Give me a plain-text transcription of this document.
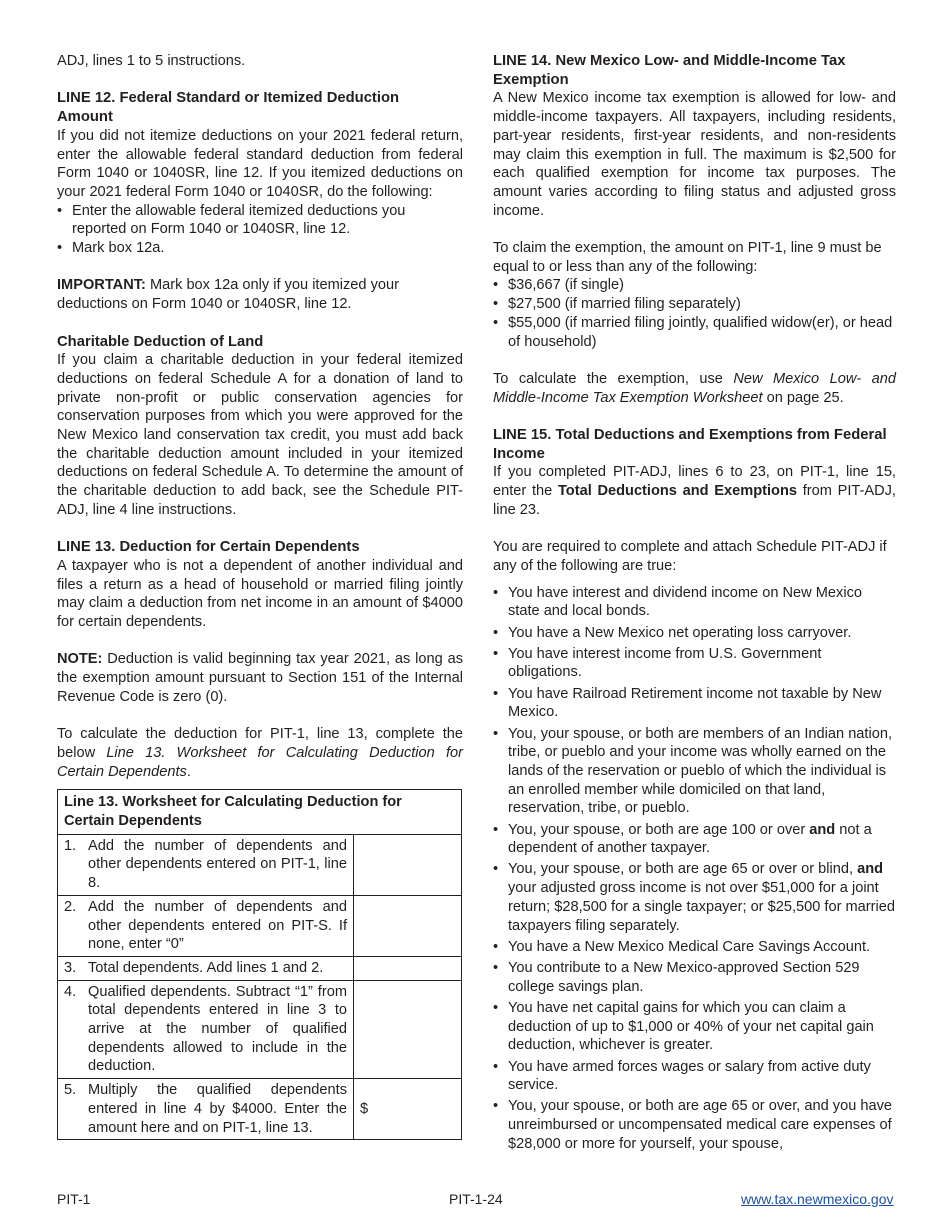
ADJ, lines 1 to 5 instructions.

LINE 12. Federal Standard or Itemized Deduction

Amount

If you did not itemize deductions on your 2021 federal return, enter the allowable federal standard deduction from federal Form 1040 or 1040SR, line 12. If you itemized deductions on your 2021 federal Form 1040 or 1040SR, do the following:

• Enter the allowable federal itemized deductions you reported on Form 1040 or 1040SR, line 12.
• Mark box 12a.

IMPORTANT: Mark box 12a only if you itemized your deductions on Form 1040 or 1040SR, line 12.

Charitable Deduction of Land

If you claim a charitable deduction in your federal itemized deductions on federal Schedule A for a donation of land to private non-profit or public conservation agencies for conservation purposes from which you were approved for the New Mexico land conservation tax credit, you must add back the charitable deduction amount included in your itemized deductions on federal Schedule A. To determine the amount of the charitable deduction to add back, see the Schedule PIT-ADJ, line 4 line instructions.

LINE 13. Deduction for Certain Dependents

A taxpayer who is not a dependent of another individual and files a return as a head of household or married filing jointly may claim a deduction from net income in an amount of $4000 for certain dependents.

NOTE: Deduction is valid beginning tax year 2021, as long as the exemption amount pursuant to Section 151 of the Internal Revenue Code is zero (0).

To calculate the deduction for PIT-1, line 13, complete the below Line 13. Worksheet for Calculating Deduction for Certain Dependents.

Line 13. Worksheet for Calculating Deduction for Certain Dependents		
1.	Add the number of dependents and other dependents entered on PIT-1, line 8.	
2.	Add the number of dependents and other dependents entered on PIT-S. If none, enter “0”	
3.	Total dependents. Add lines 1 and 2.	
4.	Qualified dependents. Subtract “1” from total dependents entered in line 3 to arrive at the number of qualified dependents allowed to include in the deduction.	
5.	Multiply the qualified dependents entered in line 4 by $4000. Enter the amount here and on PIT-1, line 13.	$

LINE 14. New Mexico Low- and Middle-Income Tax Exemption

A New Mexico income tax exemption is allowed for low- and middle-income taxpayers. All taxpayers, including residents, part-year residents, first-year residents, and non-residents may claim this exemption in full. The maximum is $2,500 for each qualified exemption for income tax purposes. The amount varies according to filing status and adjusted gross income.

To claim the exemption, the amount on PIT-1, line 9 must be equal to or less than any of the following:

• $36,667 (if single)
• $27,500 (if married filing separately)
• $55,000 (if married filing jointly, qualified widow(er), or head of household)

To calculate the exemption, use New Mexico Low- and Middle-Income Tax Exemption Worksheet on page 25.

LINE 15. Total Deductions and Exemptions from Federal Income

If you completed PIT-ADJ, lines 6 to 23, on PIT-1, line 15, enter the Total Deductions and Exemptions from PIT-ADJ, line 23.

You are required to complete and attach Schedule PIT-ADJ if any of the following are true:

• You have interest and dividend income on New Mexico state and local bonds.
• You have a New Mexico net operating loss carryover.
• You have interest income from U.S. Government obligations.
• You have Railroad Retirement income not taxable by New Mexico.
• You, your spouse, or both are members of an Indian nation, tribe, or pueblo and your income was wholly earned on the lands of the reservation or pueblo of which the individual is an enrolled member while domiciled on that land, reservation, tribe, or pueblo.
• You, your spouse, or both are age 100 or over and not a dependent of another taxpayer.
• You, your spouse, or both are age 65 or over or blind, and your adjusted gross income is not over $51,000 for a joint return; $28,500 for a single taxpayer; or $25,500 for married taxpayers filing separately.
• You have a New Mexico Medical Care Savings Account.
• You contribute to a New Mexico-approved Section 529 college savings plan.
• You have net capital gains for which you can claim a deduction of up to $1,000 or 40% of your net capital gain deduction, whichever is greater.
• You have armed forces wages or salary from active duty service.
• You, your spouse, or both are age 65 or over, and you have unreimbursed or uncompensated medical care expenses of $28,000 or more for yourself, your spouse,
PIT-1	PIT-1-24	www.tax.newmexico.gov
